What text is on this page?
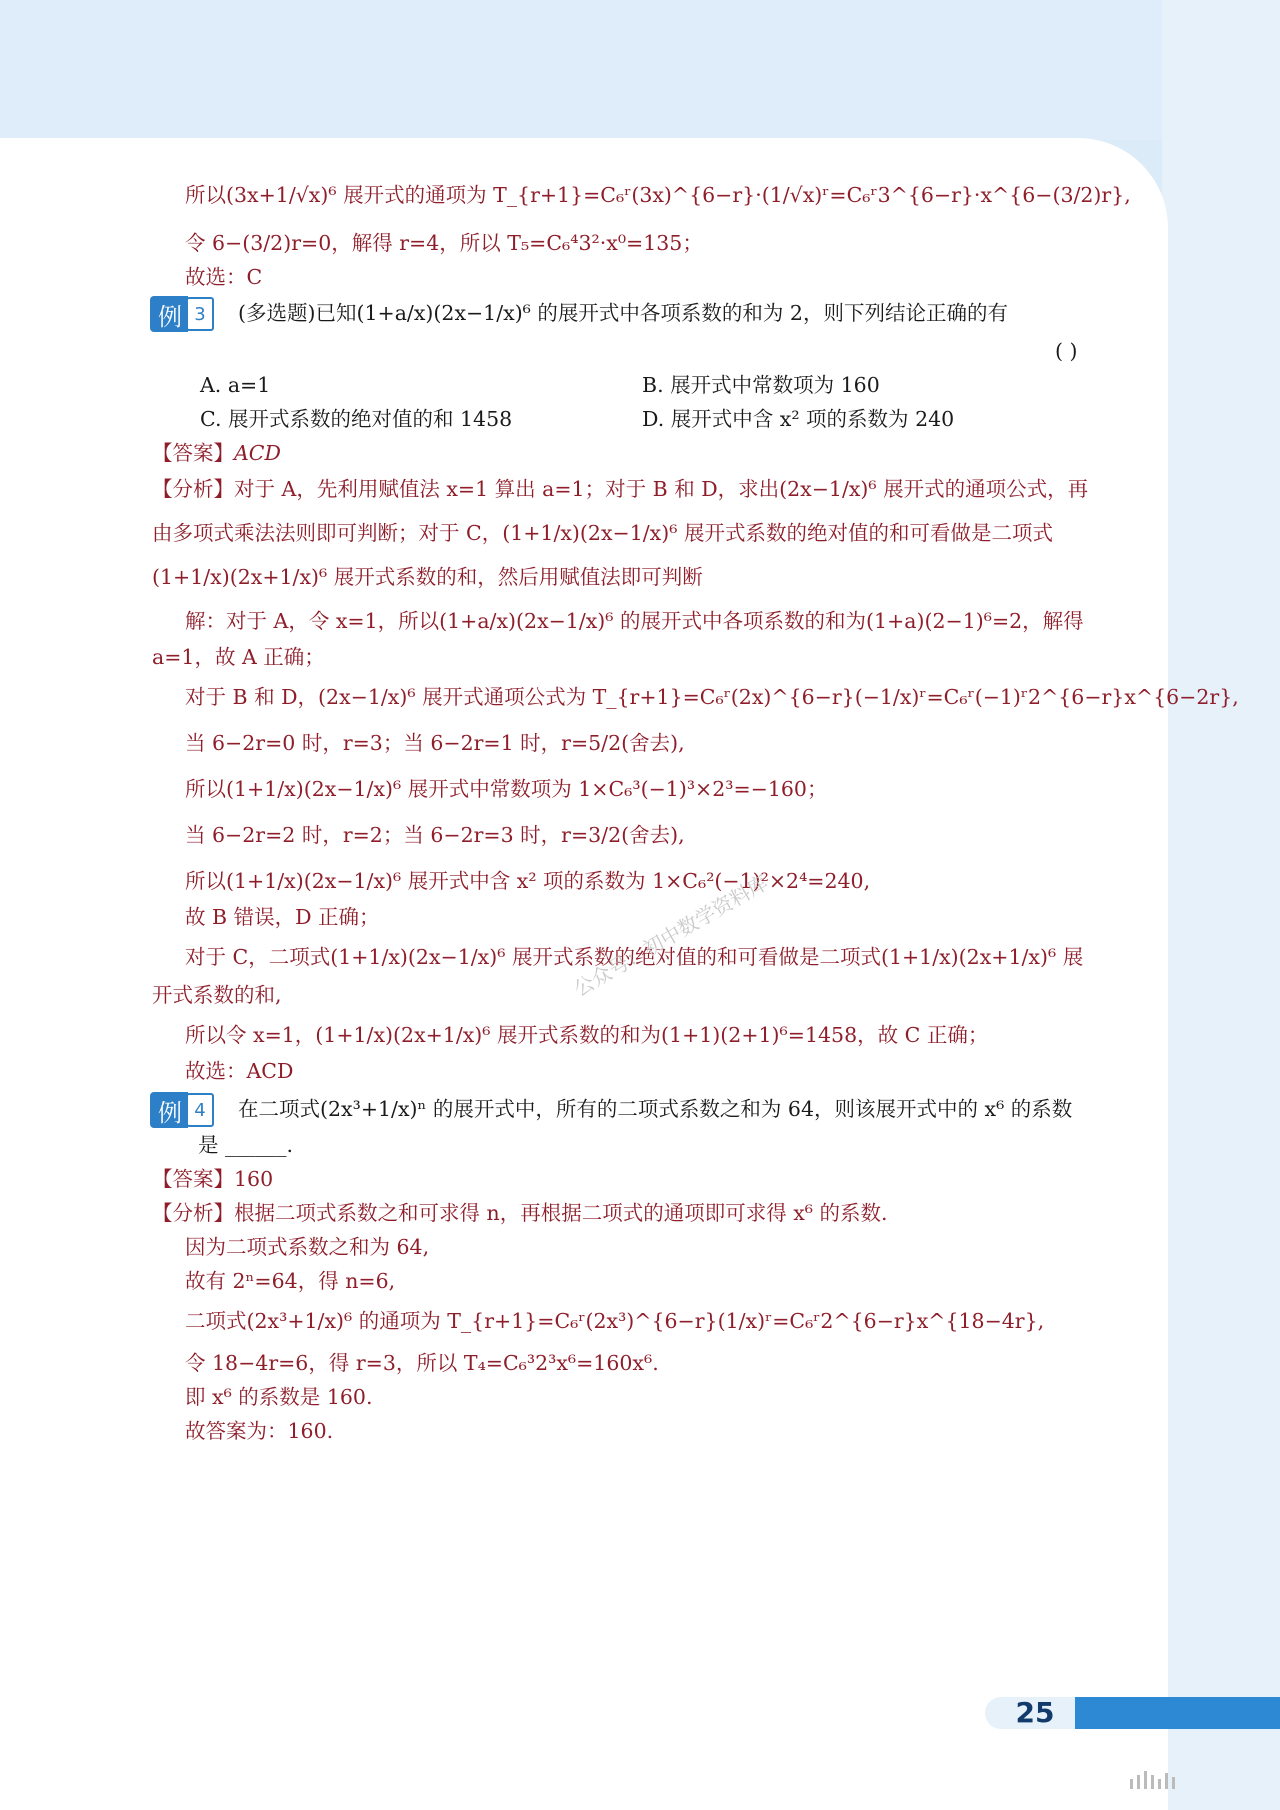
所以(3x+1/√x)⁶ 展开式的通项为 T_{r+1}=C₆ʳ(3x)^{6−r}·(1/√x)ʳ=C₆ʳ3^{6−r}·x^{6−(3/2)r},
令 6−(3/2)r=0，解得 r=4，所以 T₅=C₆⁴3²·x⁰=135；
故选：C
例 3	(多选题)已知(1+a/x)(2x−1/x)⁶ 的展开式中各项系数的和为 2，则下列结论正确的有
( )
A. a=1	B. 展开式中常数项为 160
C. 展开式系数的绝对值的和 1458	D. 展开式中含 x² 项的系数为 240
【答案】ACD
【分析】对于 A，先利用赋值法 x=1 算出 a=1；对于 B 和 D，求出(2x−1/x)⁶ 展开式的通项公式，再
由多项式乘法法则即可判断；对于 C，(1+1/x)(2x−1/x)⁶ 展开式系数的绝对值的和可看做是二项式
(1+1/x)(2x+1/x)⁶ 展开式系数的和，然后用赋值法即可判断
解：对于 A，令 x=1，所以(1+a/x)(2x−1/x)⁶ 的展开式中各项系数的和为(1+a)(2−1)⁶=2，解得
a=1，故 A 正确；
对于 B 和 D，(2x−1/x)⁶ 展开式通项公式为 T_{r+1}=C₆ʳ(2x)^{6−r}(−1/x)ʳ=C₆ʳ(−1)ʳ2^{6−r}x^{6−2r},
当 6−2r=0 时，r=3；当 6−2r=1 时，r=5/2(舍去),
所以(1+1/x)(2x−1/x)⁶ 展开式中常数项为 1×C₆³(−1)³×2³=−160；
当 6−2r=2 时，r=2；当 6−2r=3 时，r=3/2(舍去),
所以(1+1/x)(2x−1/x)⁶ 展开式中含 x² 项的系数为 1×C₆²(−1)²×2⁴=240,
故 B 错误，D 正确；
对于 C，二项式(1+1/x)(2x−1/x)⁶ 展开式系数的绝对值的和可看做是二项式(1+1/x)(2x+1/x)⁶ 展
开式系数的和,
所以令 x=1，(1+1/x)(2x+1/x)⁶ 展开式系数的和为(1+1)(2+1)⁶=1458，故 C 正确；
故选：ACD
例 4	在二项式(2x³+1/x)ⁿ 的展开式中，所有的二项式系数之和为 64，则该展开式中的 x⁶ 的系数
是 ______.
【答案】160
【分析】根据二项式系数之和可求得 n，再根据二项式的通项即可求得 x⁶ 的系数.
因为二项式系数之和为 64,
故有 2ⁿ=64，得 n=6,
二项式(2x³+1/x)⁶ 的通项为 T_{r+1}=C₆ʳ(2x³)^{6−r}(1/x)ʳ=C₆ʳ2^{6−r}x^{18−4r},
令 18−4r=6，得 r=3，所以 T₄=C₆³2³x⁶=160x⁶.
即 x⁶ 的系数是 160.
故答案为：160.
公众号：初中数学资料库
25
